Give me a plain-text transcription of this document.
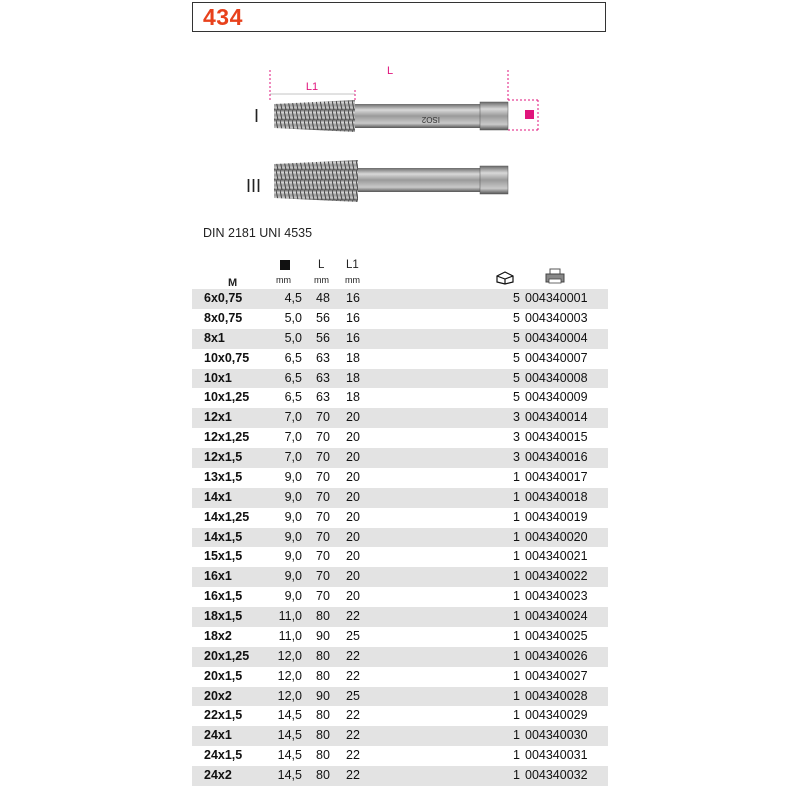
434
L1
L
I	ISO2
III
DIN 2181 UNI 4535
M	mm
L
mm
L1
mm
6x0,75	4,5 48 16	5 004340001
8x0,75	5,0 56 16	5 004340003
8x1	5,0 56 16	5 004340004
10x0,75	6,5 63 18	5 004340007
10x1	6,5 63 18	5 004340008
10x1,25	6,5 63 18	5 004340009
12x1	7,0 70 20	3 004340014
12x1,25	7,0 70 20	3 004340015
12x1,5	7,0 70 20	3 004340016
13x1,5	9,0 70 20	1 004340017
14x1	9,0 70 20	1 004340018
14x1,25	9,0 70 20	1 004340019
14x1,5	9,0 70 20	1 004340020
15x1,5	9,0 70 20	1 004340021
16x1	9,0 70 20	1 004340022
16x1,5	9,0 70 20	1 004340023
18x1,5	11,0 80 22	1 004340024
18x2	11,0 90 25	1 004340025
20x1,25	12,0 80 22	1 004340026
20x1,5	12,0 80 22	1 004340027
20x2	12,0 90 25	1 004340028
22x1,5	14,5 80 22	1 004340029
24x1	14,5 80 22	1 004340030
24x1,5	14,5 80 22	1 004340031
24x2	14,5 80 22	1 004340032
